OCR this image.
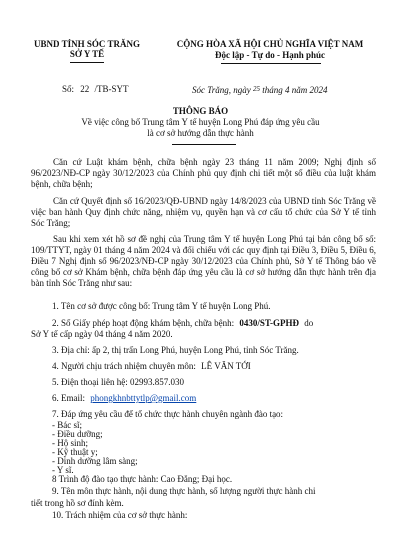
UBND TỈNH SÓC TRĂNG
SỞ Y TẾ
CỘNG HÒA XÃ HỘI CHỦ NGHĨA VIỆT NAM
Độc lập - Tự do - Hạnh phúc
Số: 22 /TB-SYT	Sóc Trăng, ngày $^{25}$ tháng 4 năm 2024
THÔNG BÁO
Về việc công bố Trung tâm Y tế huyện Long Phú đáp ứng yêu cầu
là cơ sở hướng dẫn thực hành
Căn cứ Luật khám bệnh, chữa bệnh ngày 23 tháng 11 năm 2009; Nghị định số 96/2023/NĐ-CP ngày 30/12/2023 của Chính phủ quy định chi tiết một số điều của luật khám bệnh, chữa bệnh;
Căn cứ Quyết định số 16/2023/QĐ-UBND ngày 14/8/2023 của UBND tỉnh Sóc Trăng về việc ban hành Quy định chức năng, nhiệm vụ, quyền hạn và cơ cấu tổ chức của Sở Y tế tỉnh Sóc Trăng;
Sau khi xem xét hồ sơ đề nghị của Trung tâm Y tế huyện Long Phú tại bản công bố số: 109/TTYT, ngày 01 tháng 4 năm 2024 và đối chiếu với các quy định tại Điều 3, Điều 5, Điều 6, Điều 7 Nghị định số 96/2023/NĐ-CP ngày 30/12/2023 của Chính phủ, Sở Y tế Thông báo về công bố cơ sở Khám bệnh, chữa bệnh đáp ứng yêu cầu là cơ sở hướng dẫn thực hành trên địa bàn tỉnh Sóc Trăng như sau:
1. Tên cơ sở được công bố: Trung tâm Y tế huyện Long Phú.
2. Số Giấy phép hoạt động khám bệnh, chữa bệnh: 0430/ST-GPHĐ do
Sở Y tế cấp ngày 04 tháng 4 năm 2020.
3. Địa chỉ: ấp 2, thị trấn Long Phú, huyện Long Phú, tỉnh Sóc Trăng.
4. Người chịu trách nhiệm chuyên môn: LÊ VĂN TỚI
5. Điện thoại liên hệ: 02993.857.030
6. Email: phongkhnbttytlp@gmail.com
7. Đáp ứng yêu cầu để tổ chức thực hành chuyên ngành đào tạo:
- Bác sĩ;
- Điều dưỡng;
- Hộ sinh;
- Kỹ thuật y;
- Dinh dưỡng lâm sàng;
- Y sĩ.
8 Trình độ đào tạo thực hành: Cao Đẳng; Đại học.
9. Tên môn thực hành, nội dung thực hành, số lượng người thực hành chi
tiết trong hồ sơ đính kèm.
10. Trách nhiệm của cơ sở thực hành:
